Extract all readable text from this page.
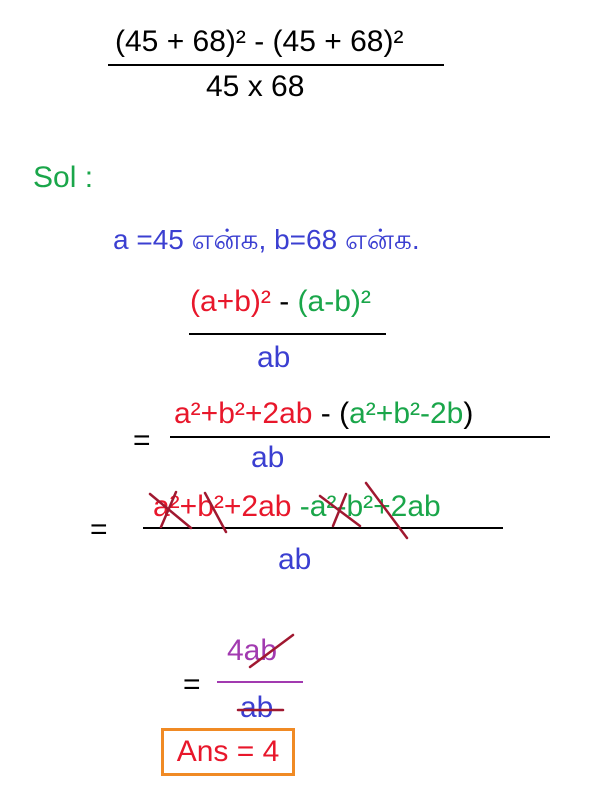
(45 + 68)² - (45 + 68)²
45 x 68
Sol :
a =45 என்க, b=68 என்க.
(a+b)² - (a-b)²
ab
=
a²+b²+2ab - (a²+b²-2b)
ab
=
a²+b²+2ab -a²-b²+2ab
ab
=
4ab
ab
Ans = 4
